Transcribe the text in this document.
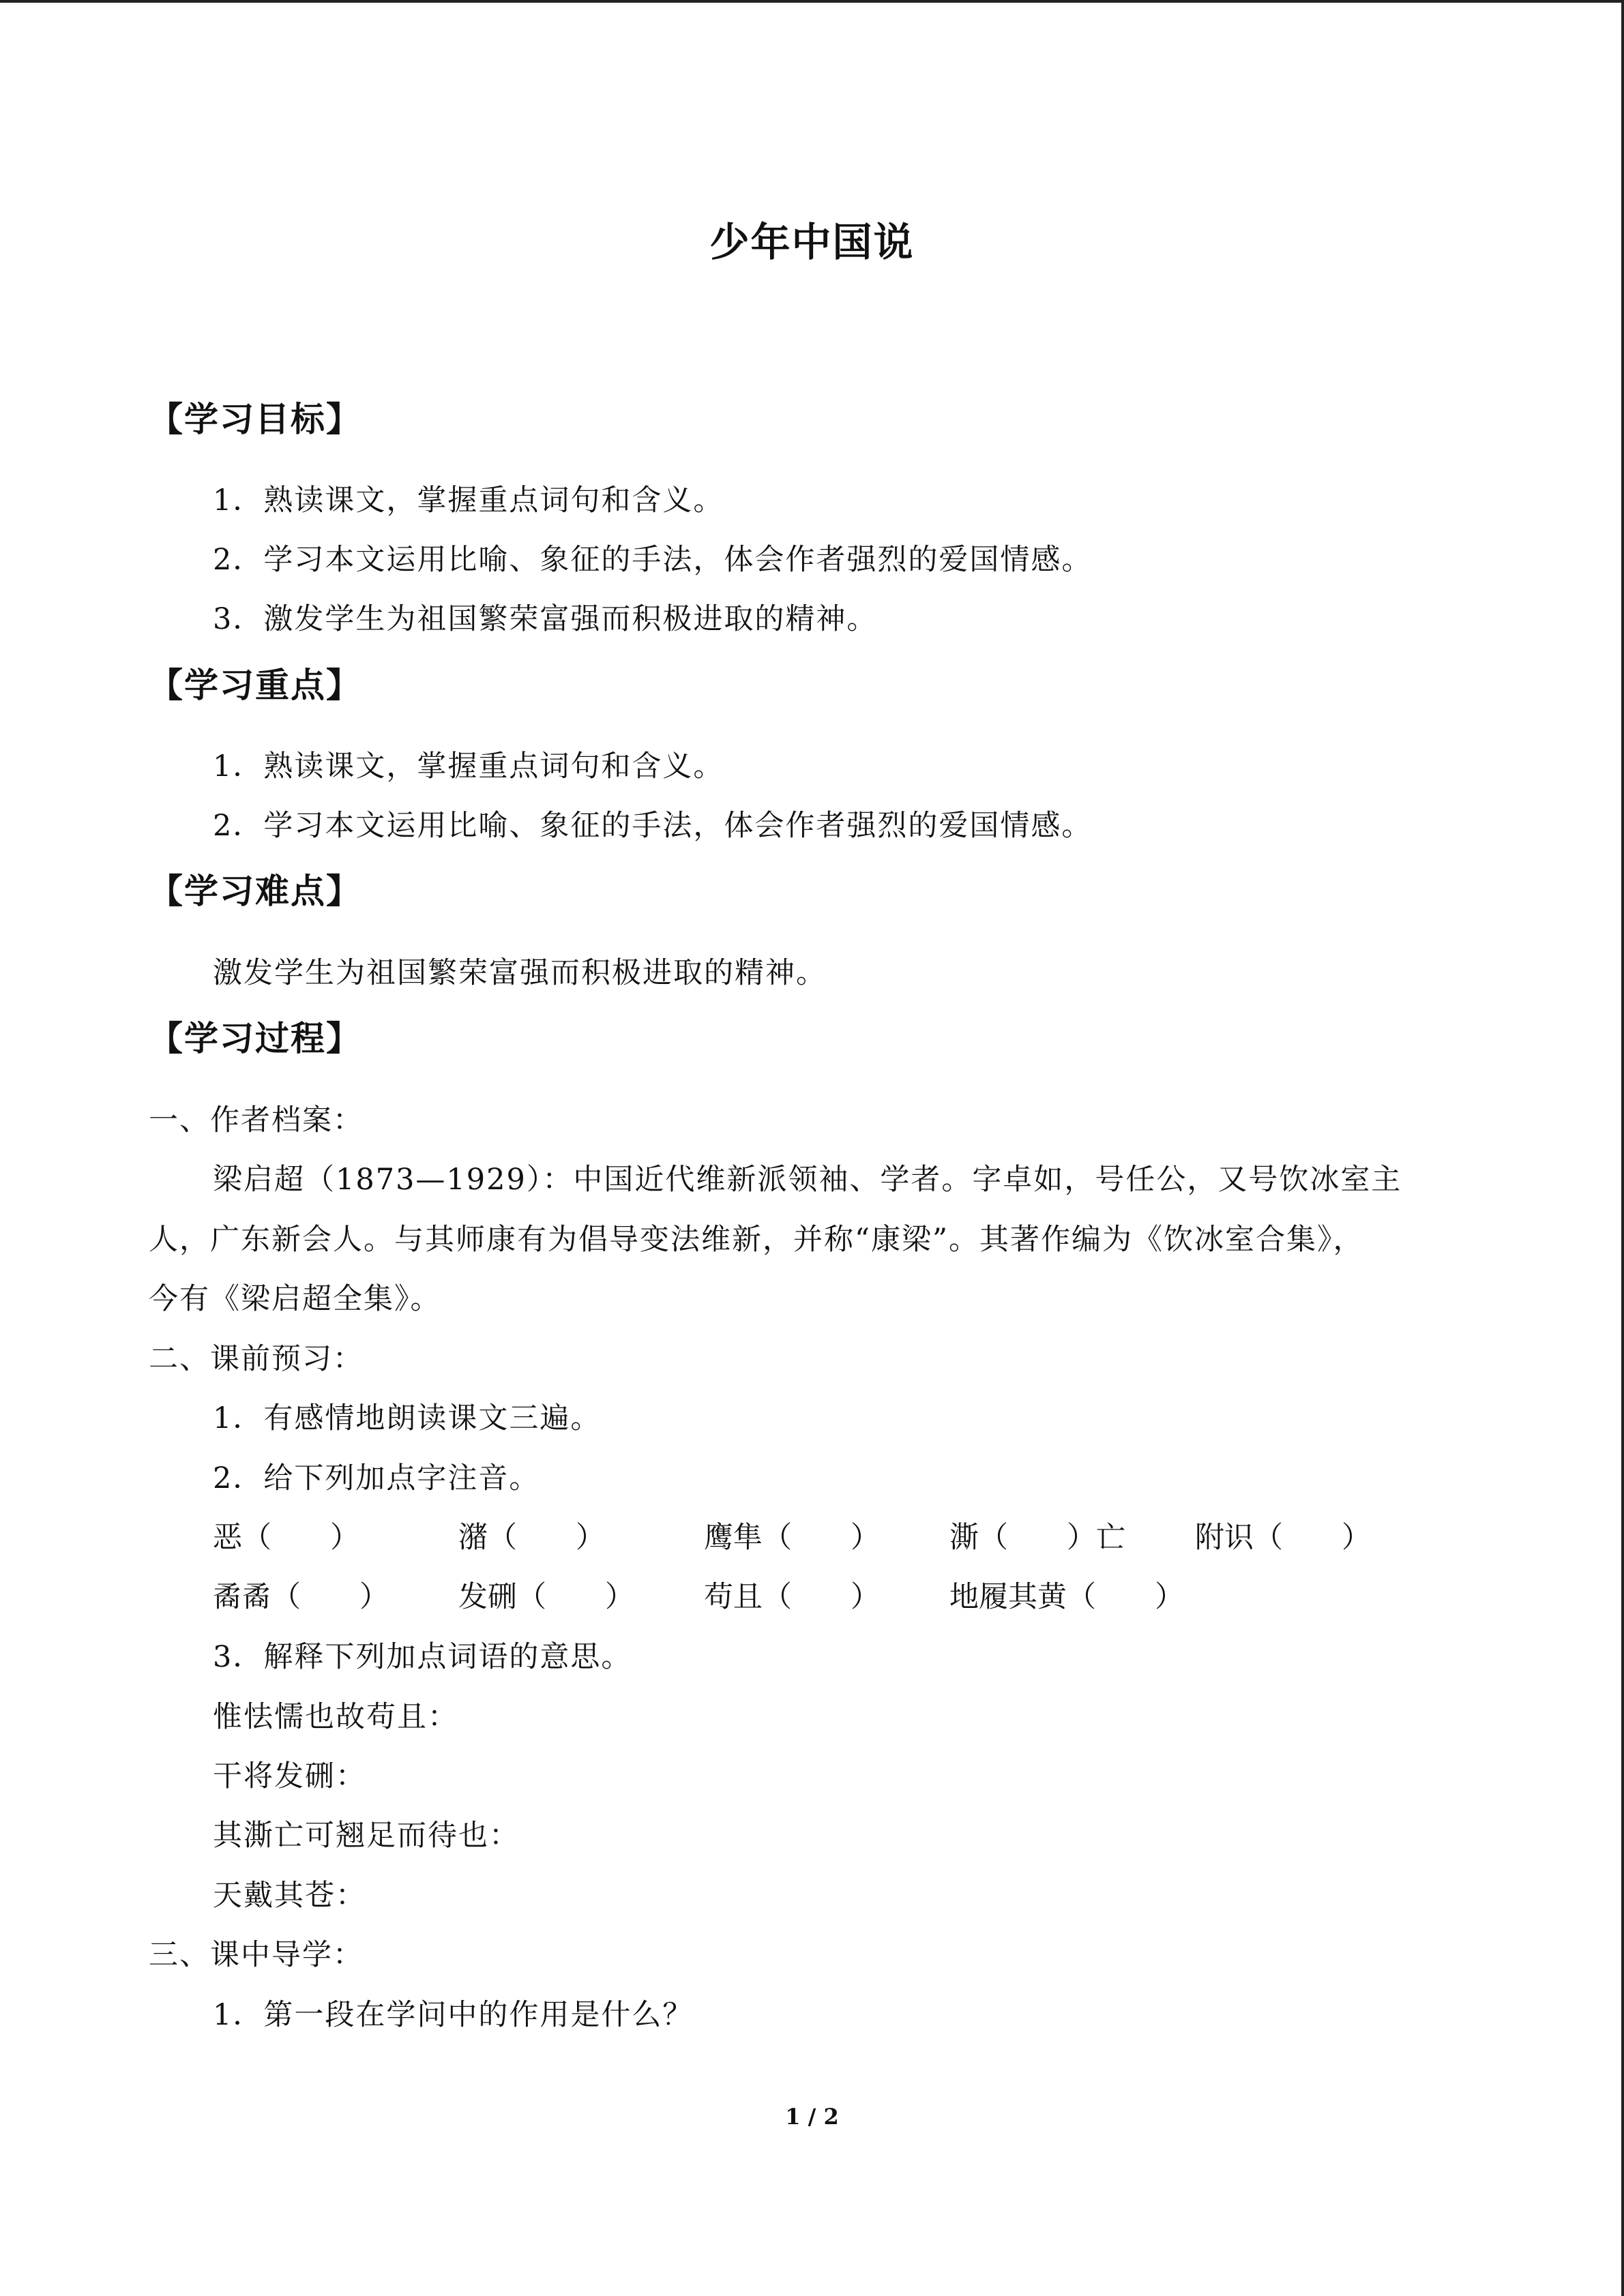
少年中国说
【学习目标】
1．熟读课文，掌握重点词句和含义。
2．学习本文运用比喻、象征的手法，体会作者强烈的爱国情感。
3．激发学生为祖国繁荣富强而积极进取的精神。
【学习重点】
1．熟读课文，掌握重点词句和含义。
2．学习本文运用比喻、象征的手法，体会作者强烈的爱国情感。
【学习难点】
激发学生为祖国繁荣富强而积极进取的精神。
【学习过程】
一、作者档案：
梁启超（1873—1929）：中国近代维新派领袖、学者。字卓如，号任公，又号饮冰室主
人，广东新会人。与其师康有为倡导变法维新，并称“康梁”。其著作编为《饮冰室合集》，
今有《梁启超全集》。
二、课前预习：
1．有感情地朗读课文三遍。
2．给下列加点字注音。
恶（　　）	潴（　　）	鹰隼（　　） 澌（　　）亡 附识（　　）
矞矞（　　） 发硎（　　） 苟且（　　） 地履其黄（　　）
3．解释下列加点词语的意思。
惟怯懦也故苟且：
干将发硎：
其澌亡可翘足而待也：
天戴其苍：
三、课中导学：
1．第一段在学问中的作用是什么？
1 / 2
